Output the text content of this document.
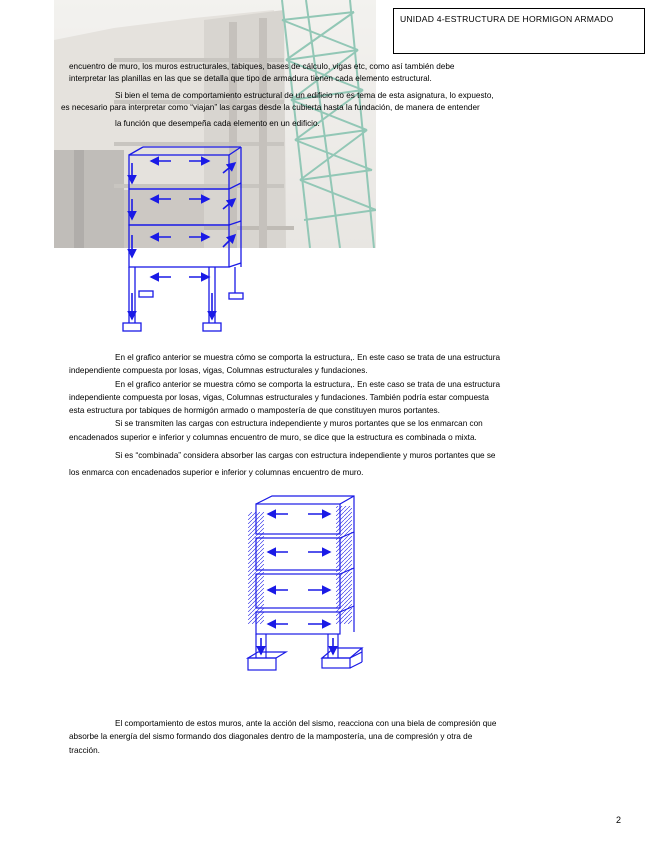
UNIDAD 4-ESTRUCTURA DE HORMIGON ARMADO
encuentro de muro, los muros estructurales, tabiques, bases de cálculo, vigas etc, como así también debe
interpretar las planillas en las que se detalla que tipo de armadura tienen cada elemento estructural.
Si bien el tema de comportamiento estructural de un edificio no es tema de esta asignatura, lo expuesto,
es necesario para interpretar como “viajan” las cargas desde la cubierta hasta la fundación, de manera de entender
la función que desempeña cada elemento en un edificio.
En el grafico anterior se muestra cómo se comporta la estructura,. En este caso se trata de una estructura
independiente compuesta por losas, vigas, Columnas estructurales y fundaciones.
En el grafico anterior se muestra cómo se comporta la estructura,. En este caso se trata de una estructura
independiente compuesta por losas, vigas, Columnas estructurales y fundaciones. También podría estar compuesta
esta estructura por tabiques de hormigón armado o mampostería de que constituyen muros portantes.
Si se transmiten las cargas con estructura independiente y muros portantes que se los enmarcan con
encadenados superior e inferior y columnas encuentro de muro, se dice que la estructura es combinada o mixta.
Si es “combinada” considera absorber las cargas con estructura independiente y muros portantes que se
los enmarca con encadenados superior e inferior y columnas encuentro de muro.
El comportamiento de estos muros, ante la acción del sismo, reacciona con una biela de compresión que
absorbe la energía del sismo formando dos diagonales dentro de la mampostería, una de compresión y otra de
tracción.
2
